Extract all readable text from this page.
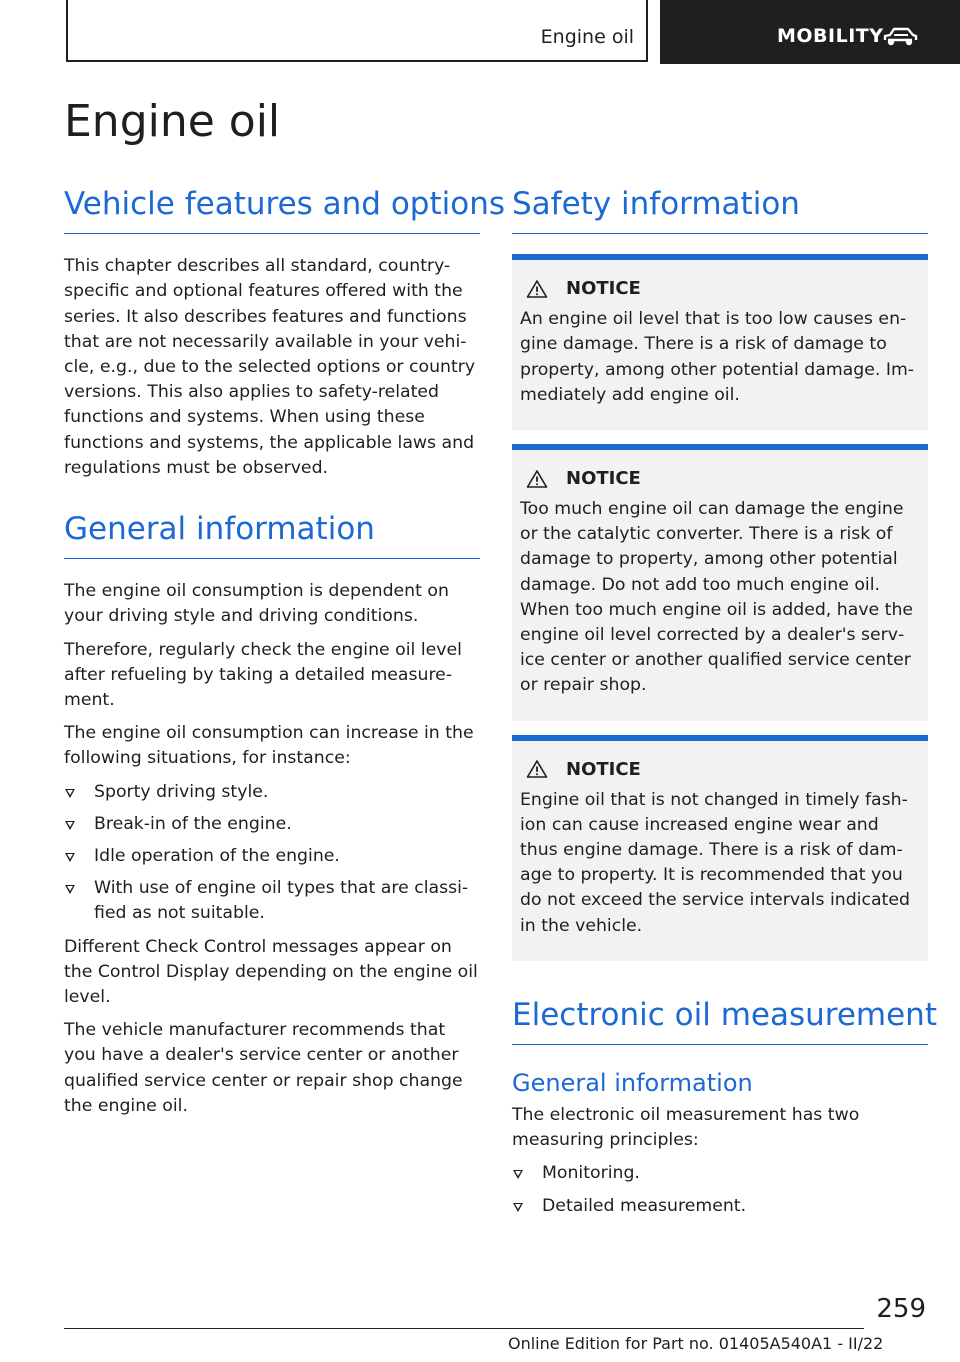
Engine oil	MOBILITY
Engine oil
Vehicle features and options

This chapter describes all standard, country-specific and optional features offered with the series. It also describes features and functions that are not necessarily available in your vehicle, e.g., due to the selected options or country versions. This also applies to safety-related functions and systems. When using these functions and systems, the applicable laws and regulations must be observed.

General information

The engine oil consumption is dependent on your driving style and driving conditions.

Therefore, regularly check the engine oil level after refueling by taking a detailed measurement.

The engine oil consumption can increase in the following situations, for instance:

Sporty driving style.
Break-in of the engine.
Idle operation of the engine.
With use of engine oil types that are classified as not suitable.

Different Check Control messages appear on the Control Display depending on the engine oil level.

The vehicle manufacturer recommends that you have a dealer's service center or another qualified service center or repair shop change the engine oil.

Safety information
NOTICE

An engine oil level that is too low causes engine damage. There is a risk of damage to property, among other potential damage. Immediately add engine oil.

NOTICE

Too much engine oil can damage the engine or the catalytic converter. There is a risk of damage to property, among other potential damage. Do not add too much engine oil. When too much engine oil is added, have the engine oil level corrected by a dealer's service center or another qualified service center or repair shop.

NOTICE

Engine oil that is not changed in timely fashion can cause increased engine wear and thus engine damage. There is a risk of damage to property. It is recommended that you do not exceed the service intervals indicated in the vehicle.

Electronic oil measurement
General information

The electronic oil measurement has two measuring principles:

Monitoring.
Detailed measurement.
259
Online Edition for Part no. 01405A540A1 - II/22
